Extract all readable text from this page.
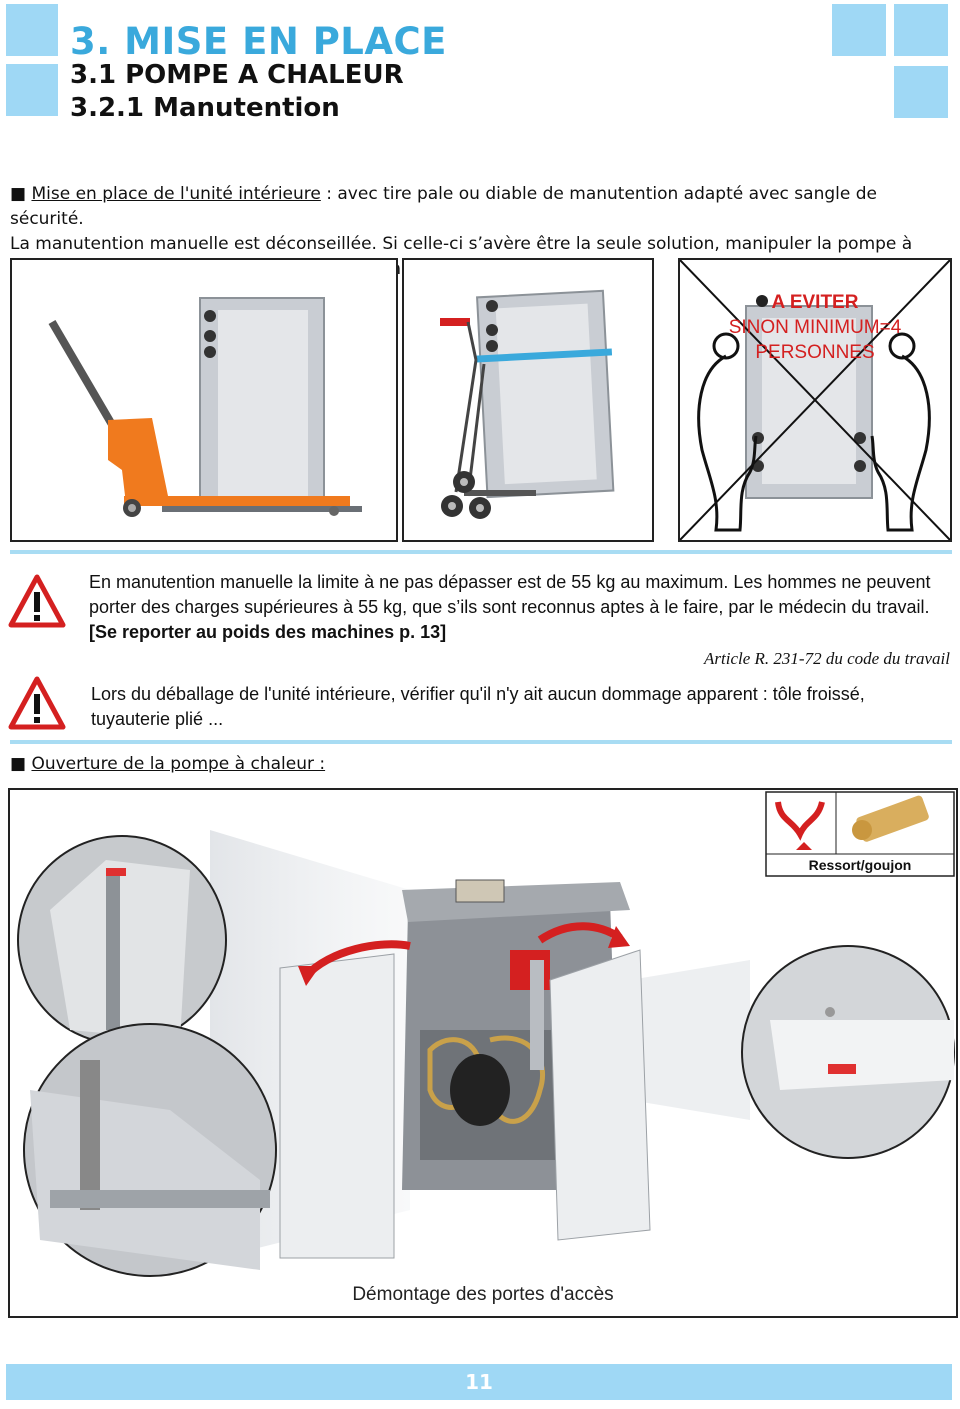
3. MISE EN PLACE
3.1 POMPE A CHALEUR
3.2.1 Manutention
■ Mise en place de l'unité intérieure : avec tire pale ou diable de manutention adapté avec sangle de sécurité.
La manutention manuelle est déconseillée. Si celle-ci s’avère être la seule solution, manipuler la pompe à
A EVITER
SINON MINIMUM=4
PERSONNES
En manutention manuelle la limite à ne pas dépasser est de 55 kg au maximum. Les hommes ne peuvent porter des charges supérieures à 55 kg, que s’ils sont reconnus aptes à le faire, par le médecin du travail. [Se reporter au poids des machines p. 13]
Article R. 231-72 du code du travail
Lors du déballage de l'unité intérieure, vérifier qu'il n'y ait aucun dommage apparent : tôle froissé, tuyauterie plié ...
■ Ouverture de la pompe à chaleur :
Ressort/goujon
Démontage des portes d'accès
11
